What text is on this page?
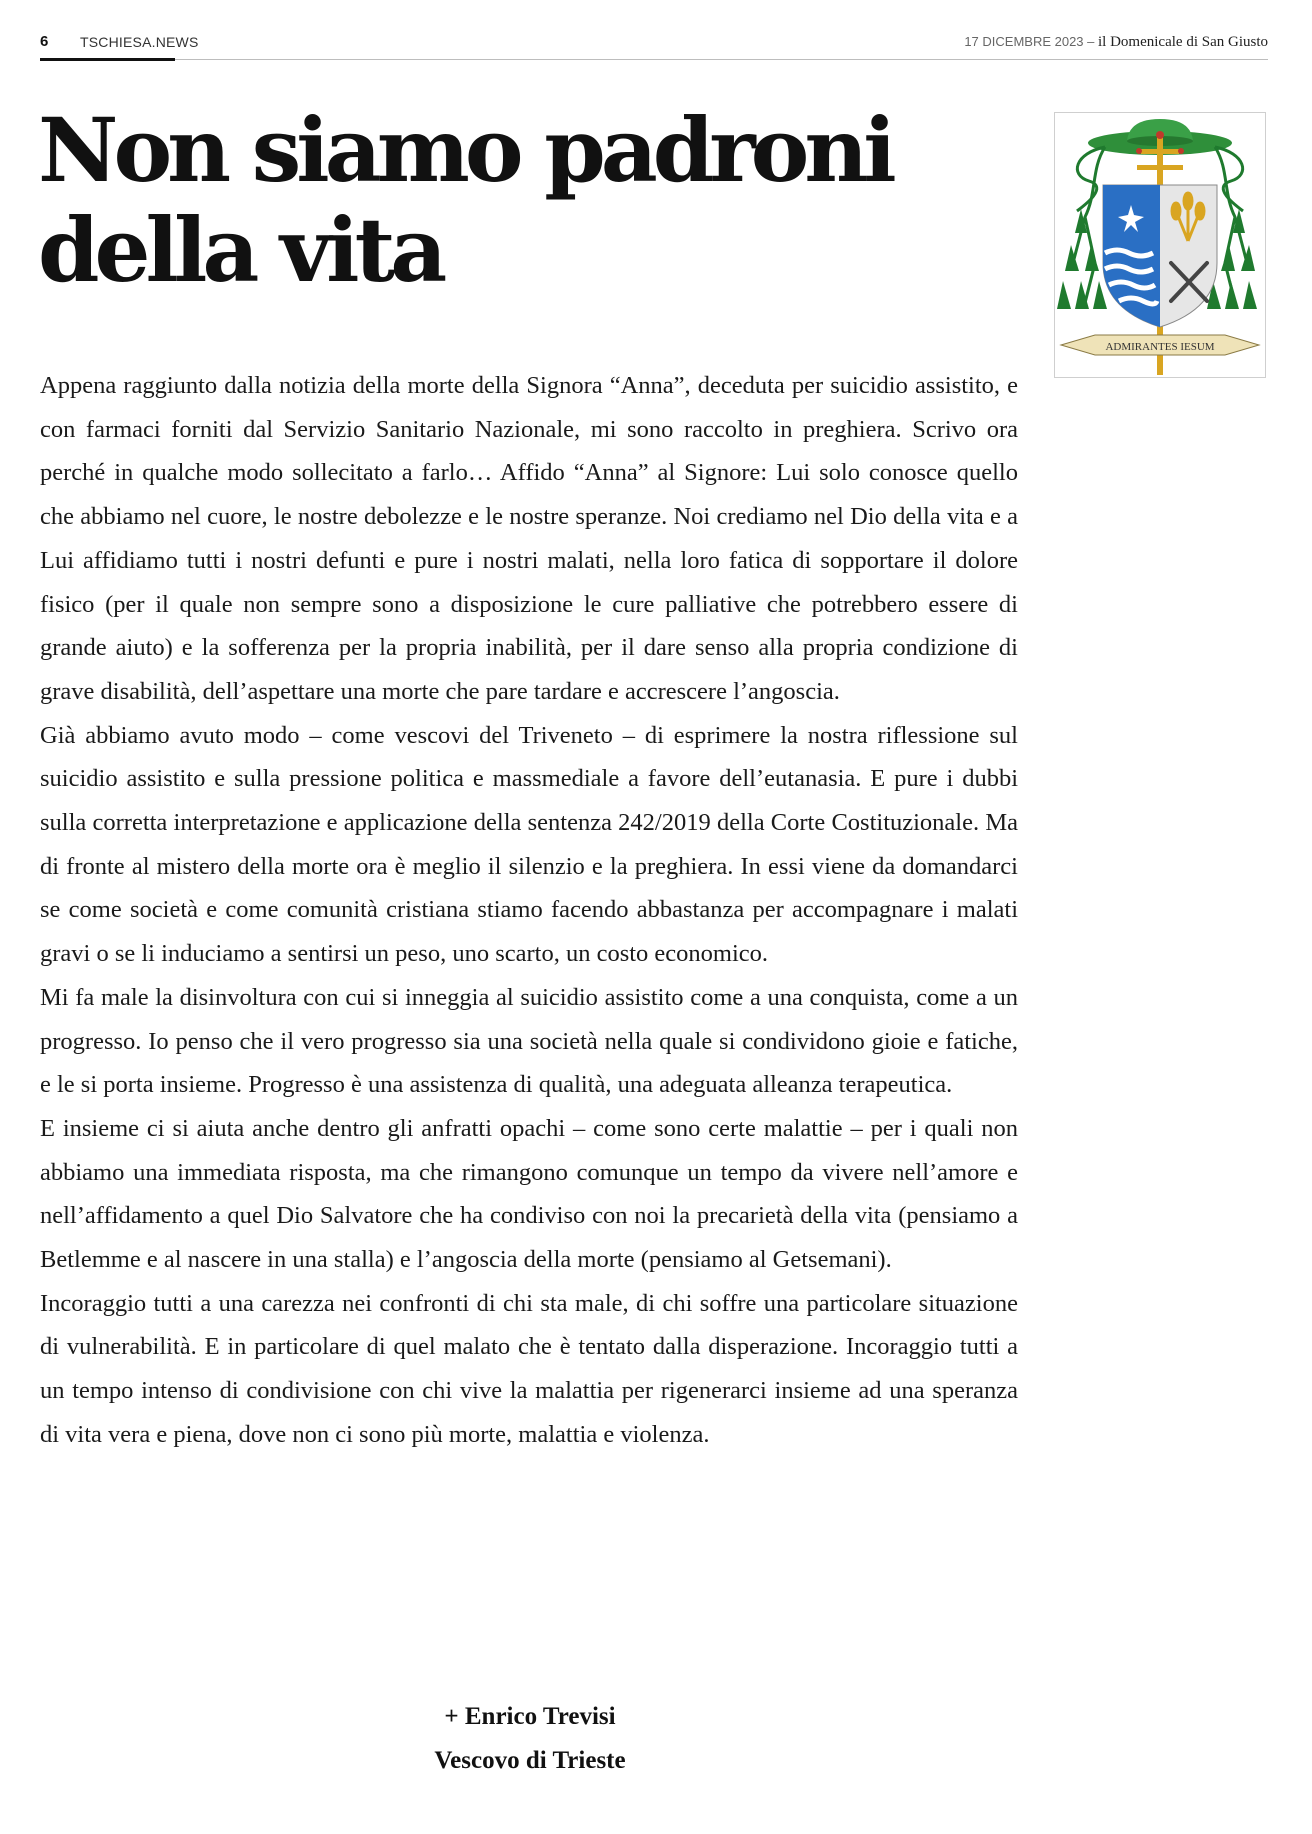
6 TSCHIESA.NEWS	17 DICEMBRE 2023 – il Domenicale di San Giusto
Non siamo padroni della vita
ADMIRANTES IESUM

Appena raggiunto dalla notizia della morte della Signora “Anna”, deceduta per suicidio assistito, e con farmaci forniti dal Servizio Sanitario Nazionale, mi sono raccolto in preghiera. Scrivo ora perché in qualche modo sollecitato a farlo… Affido “Anna” al Signore: Lui solo conosce quello che abbiamo nel cuore, le nostre debolezze e le nostre speranze. Noi crediamo nel Dio della vita e a Lui affidiamo tutti i nostri defunti e pure i nostri malati, nella loro fatica di sopportare il dolore fisico (per il quale non sempre sono a disposizione le cure palliative che potrebbero essere di grande aiuto) e la sofferenza per la propria inabilità, per il dare senso alla propria condizione di grave disabilità, dell’aspettare una morte che pare tardare e accrescere l’angoscia.

Già abbiamo avuto modo – come vescovi del Triveneto – di esprimere la nostra riflessione sul suicidio assistito e sulla pressione politica e massmediale a favore dell’eutanasia. E pure i dubbi sulla corretta interpretazione e applicazione della sentenza 242/2019 della Corte Costituzionale. Ma di fronte al mistero della morte ora è meglio il silenzio e la preghiera. In essi viene da domandarci se come società e come comunità cristiana stiamo facendo abbastanza per accompagnare i malati gravi o se li induciamo a sentirsi un peso, uno scarto, un costo economico.

Mi fa male la disinvoltura con cui si inneggia al suicidio assistito come a una conquista, come a un progresso. Io penso che il vero progresso sia una società nella quale si condividono gioie e fatiche, e le si porta insieme. Progresso è una assistenza di qualità, una adeguata alleanza terapeutica.

E insieme ci si aiuta anche dentro gli anfratti opachi – come sono certe malattie – per i quali non abbiamo una immediata risposta, ma che rimangono comunque un tempo da vivere nell’amore e nell’affidamento a quel Dio Salvatore che ha condiviso con noi la precarietà della vita (pensiamo a Betlemme e al nascere in una stalla) e l’angoscia della morte (pensiamo al Getsemani).

Incoraggio tutti a una carezza nei confronti di chi sta male, di chi soffre una particolare situazione di vulnerabilità. E in particolare di quel malato che è tentato dalla disperazione. Incoraggio tutti a un tempo intenso di condivisione con chi vive la malattia per rigenerarci insieme ad una speranza di vita vera e piena, dove non ci sono più morte, malattia e violenza.

+ Enrico Trevisi
Vescovo di Trieste
